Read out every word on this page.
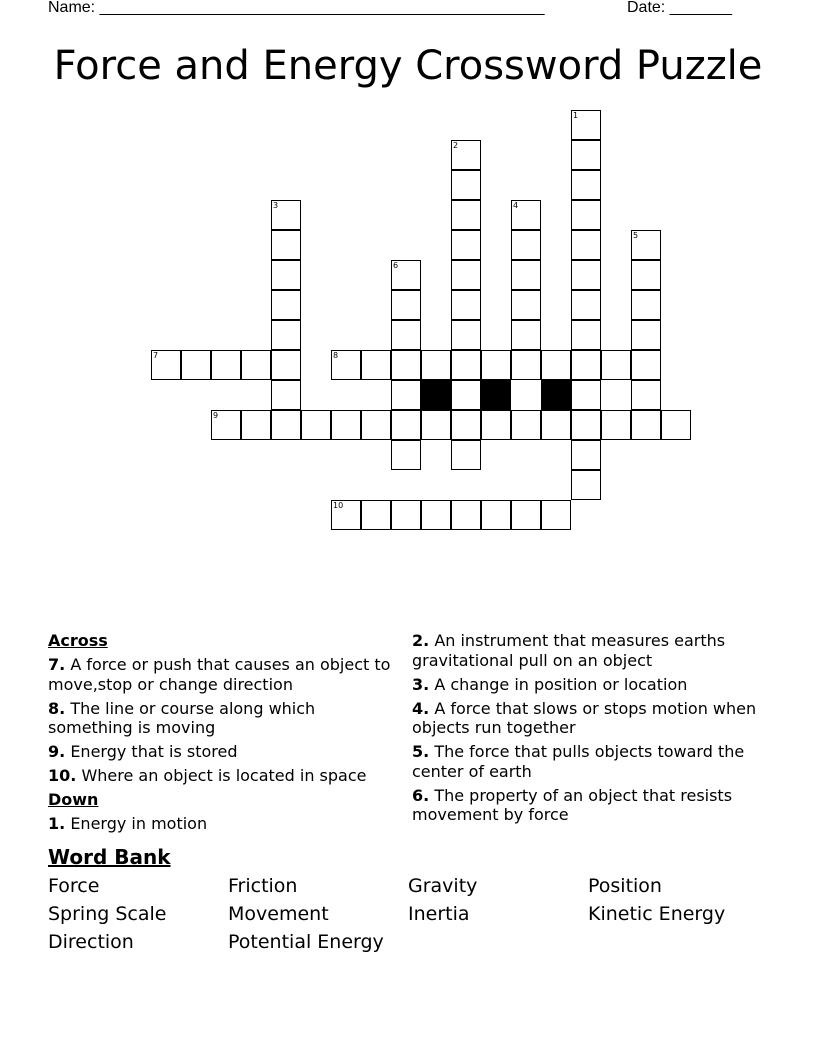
Name: __________________________________________________	Date: _______
Force and Energy Crossword Puzzle
7	8
9
10
1
2
3	4
5
6

Across

7. A force or push that causes an object to move,stop or change direction

8. The line or course along which something is moving

9. Energy that is stored

10. Where an object is located in space

Down

1. Energy in motion

2. An instrument that measures earths gravitational pull on an object

3. A change in position or location

4. A force that slows or stops motion when objects run together

5. The force that pulls objects toward the center of earth

6. The property of an object that resists movement by force

Word Bank
Force	Friction	Gravity	Position
Spring Scale	Movement	Inertia	Kinetic Energy
Direction	Potential Energy
